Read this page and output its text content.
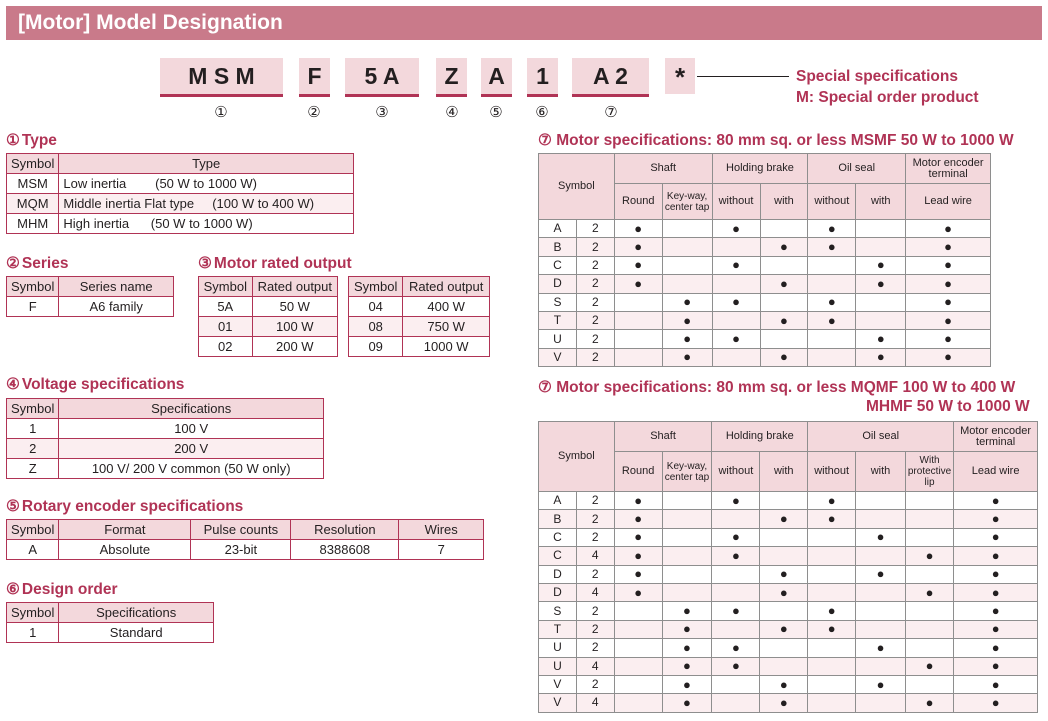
[Motor] Model Designation
M S M F 5 A Z A 1 A 2	*
①	②	③	④	⑤	⑥	⑦
Special specifications
M: Special order product
① Type
Symbol	Type
MSM	Low inertia        (50 W to 1000 W)
MQM	Middle inertia Flat type     (100 W to 400 W)
MHM	High inertia      (50 W to 1000 W)
② Series
Symbol	Series name
F	A6 family
③ Motor rated output
Symbol	Rated output
5A	50 W
01	100 W
02	200 W
Symbol	Rated output
04	400 W
08	750 W
09	1000 W
④ Voltage specifications
Symbol	Specifications
1	100 V
2	200 V
Z	100 V/ 200 V common (50 W only)
⑤ Rotary encoder specifications
Symbol	Format	Pulse counts	Resolution	Wires
A	Absolute	23-bit	8388608	7
⑥ Design order
Symbol	Specifications
1	Standard
⑦ Motor specifications: 80 mm sq. or less MSMF 50 W to 1000 W
Symbol		Shaft		Holding brake		Oil seal		Motor encoder terminal
		Round	Key-way, center tap	without	with	without	with	Lead wire
A	2	●		●		●		●
B	2	●			●	●		●
C	2	●		●			●	●
D	2	●			●		●	●
S	2		●	●		●		●
T	2		●		●	●		●
U	2		●	●			●	●
V	2		●		●		●	●
⑦ Motor specifications: 80 mm sq. or less MQMF 100 W to 400 W
MHMF 50 W to 1000 W
Symbol		Shaft		Holding brake		Oil seal			Motor encoder terminal
		Round	Key-way, center tap	without	with	without	with	With protective lip	Lead wire
A	2	●		●		●			●
B	2	●			●	●			●
C	2	●		●			●		●
C	4	●		●				●	●
D	2	●			●		●		●
D	4	●			●			●	●
S	2		●	●		●			●
T	2		●		●	●			●
U	2		●	●			●		●
U	4		●	●				●	●
V	2		●		●		●		●
V	4		●		●			●	●
